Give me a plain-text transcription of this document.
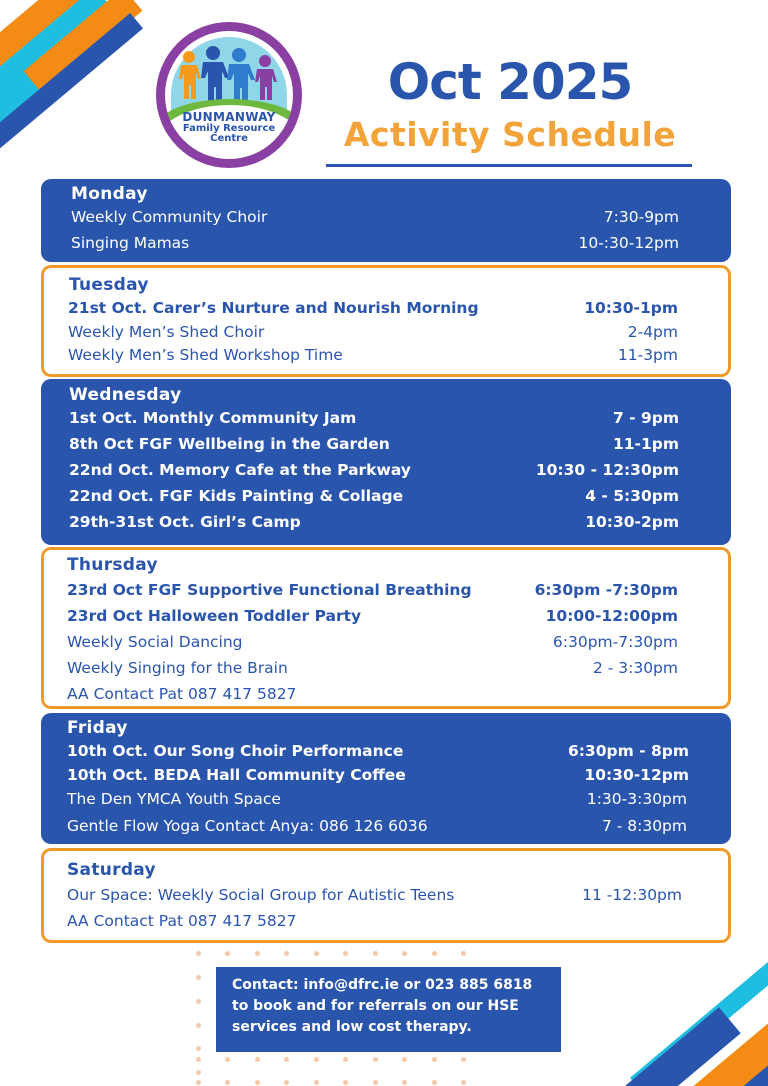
DUNMANWAY
Family Resource
Centre
Oct 2025
Activity Schedule
Monday
Weekly Community Choir	7:30-9pm
Singing Mamas	10-:30-12pm
Tuesday
21st Oct. Carer’s Nurture and Nourish Morning	10:30-1pm
Weekly Men’s Shed Choir	2-4pm
Weekly Men’s Shed Workshop Time	11-3pm
Wednesday
1st Oct. Monthly Community Jam	7 - 9pm
8th Oct FGF Wellbeing in the Garden	11-1pm
22nd Oct. Memory Cafe at the Parkway	10:30 - 12:30pm
22nd Oct. FGF Kids Painting & Collage	4 - 5:30pm
29th-31st Oct. Girl’s Camp	10:30-2pm
Thursday
23rd Oct FGF Supportive Functional Breathing	6:30pm -7:30pm
23rd Oct Halloween Toddler Party	10:00-12:00pm
Weekly Social Dancing	6:30pm-7:30pm
Weekly Singing for the Brain	2 - 3:30pm
AA Contact Pat 087 417 5827
Friday
10th Oct. Our Song Choir Performance	6:30pm - 8pm
10th Oct. BEDA Hall Community Coffee	10:30-12pm
The Den YMCA Youth Space	1:30-3:30pm
Gentle Flow Yoga Contact Anya: 086 126 6036	7 - 8:30pm
Saturday
Our Space: Weekly Social Group for Autistic Teens	11 -12:30pm
AA Contact Pat 087 417 5827
Contact: info@dfrc.ie or 023 885 6818
to book and for referrals on our HSE
services and low cost therapy.
